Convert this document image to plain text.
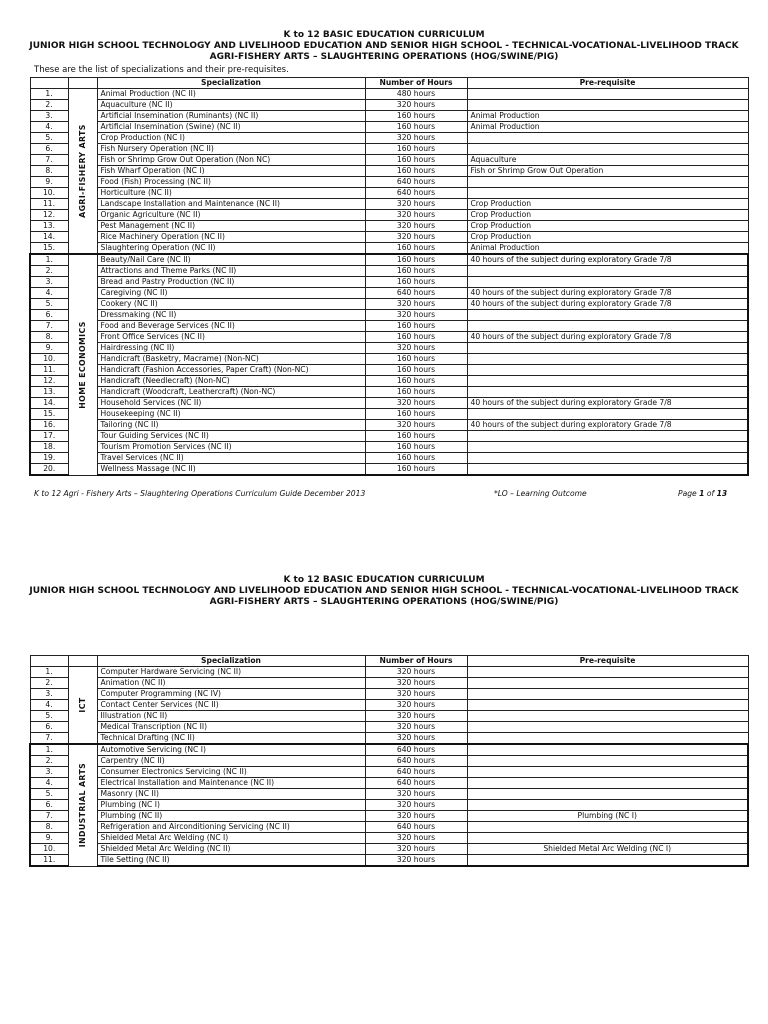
K to 12 BASIC EDUCATION CURRICULUM
JUNIOR HIGH SCHOOL TECHNOLOGY AND LIVELIHOOD EDUCATION AND SENIOR HIGH SCHOOL - TECHNICAL-VOCATIONAL-LIVELIHOOD TRACK
AGRI-FISHERY ARTS – SLAUGHTERING OPERATIONS (HOG/SWINE/PIG)
These are the list of specializations and their pre-requisites.
		Specialization	Number of Hours	Pre-requisite
1.	AGRI-FISHERY ARTS	Animal Production (NC II)	480 hours	
2.		Aquaculture (NC II)	320 hours	
3.		Artificial Insemination (Ruminants) (NC II)	160 hours	Animal Production
4.		Artificial Insemination (Swine) (NC II)	160 hours	Animal Production
5.		Crop Production (NC I)	320 hours	
6.		Fish Nursery Operation (NC II)	160 hours	
7.		Fish or Shrimp Grow Out Operation (Non NC)	160 hours	Aquaculture
8.		Fish Wharf Operation (NC I)	160 hours	Fish or Shrimp Grow Out Operation
9.		Food (Fish) Processing (NC II)	640 hours	
10.		Horticulture (NC II)	640 hours	
11.		Landscape Installation and Maintenance (NC II)	320 hours	Crop Production
12.		Organic Agriculture (NC II)	320 hours	Crop Production
13.		Pest Management (NC II)	320 hours	Crop Production
14.		Rice Machinery Operation (NC II)	320 hours	Crop Production
15.		Slaughtering Operation (NC II)	160 hours	Animal Production
1.	HOME ECONOMICS	Beauty/Nail Care (NC II)	160 hours	40 hours of the subject during exploratory Grade 7/8
2.		Attractions and Theme Parks (NC II)	160 hours	
3.		Bread and Pastry Production (NC II)	160 hours	
4.		Caregiving (NC II)	640 hours	40 hours of the subject during exploratory Grade 7/8
5.		Cookery (NC II)	320 hours	40 hours of the subject during exploratory Grade 7/8
6.		Dressmaking (NC II)	320 hours	
7.		Food and Beverage Services (NC II)	160 hours	
8.		Front Office Services (NC II)	160 hours	40 hours of the subject during exploratory Grade 7/8
9.		Hairdressing (NC II)	320 hours	
10.		Handicraft (Basketry, Macrame) (Non-NC)	160 hours	
11.		Handicraft (Fashion Accessories, Paper Craft) (Non-NC)	160 hours	
12.		Handicraft (Needlecraft) (Non-NC)	160 hours	
13.		Handicraft (Woodcraft, Leathercraft) (Non-NC)	160 hours	
14.		Household Services (NC II)	320 hours	40 hours of the subject during exploratory Grade 7/8
15.		Housekeeping (NC II)	160 hours	
16.		Tailoring (NC II)	320 hours	40 hours of the subject during exploratory Grade 7/8
17.		Tour Guiding Services (NC II)	160 hours	
18.		Tourism Promotion Services (NC II)	160 hours	
19.		Travel Services (NC II)	160 hours	
20.		Wellness Massage (NC II)	160 hours	
K to 12 Agri - Fishery Arts – Slaughtering Operations Curriculum Guide December 2013	*LO – Learning Outcome	Page 1 of 13
K to 12 BASIC EDUCATION CURRICULUM
JUNIOR HIGH SCHOOL TECHNOLOGY AND LIVELIHOOD EDUCATION AND SENIOR HIGH SCHOOL - TECHNICAL-VOCATIONAL-LIVELIHOOD TRACK
AGRI-FISHERY ARTS – SLAUGHTERING OPERATIONS (HOG/SWINE/PIG)
		Specialization	Number of Hours	Pre-requisite
1.	ICT	Computer Hardware Servicing (NC II)	320 hours	
2.		Animation (NC II)	320 hours	
3.		Computer Programming (NC IV)	320 hours	
4.		Contact Center Services (NC II)	320 hours	
5.		Illustration (NC II)	320 hours	
6.		Medical Transcription (NC II)	320 hours	
7.		Technical Drafting (NC II)	320 hours	
1.	INDUSTRIAL ARTS	Automotive Servicing (NC I)	640 hours	
2.		Carpentry (NC II)	640 hours	
3.		Consumer Electronics Servicing (NC II)	640 hours	
4.		Electrical Installation and Maintenance (NC II)	640 hours	
5.		Masonry (NC II)	320 hours	
6.		Plumbing (NC I)	320 hours	
7.		Plumbing (NC II)	320 hours	Plumbing (NC I)
8.		Refrigeration and Airconditioning Servicing (NC II)	640 hours	
9.		Shielded Metal Arc Welding (NC I)	320 hours	
10.		Shielded Metal Arc Welding (NC II)	320 hours	Shielded Metal Arc Welding (NC I)
11.		Tile Setting (NC II)	320 hours	
